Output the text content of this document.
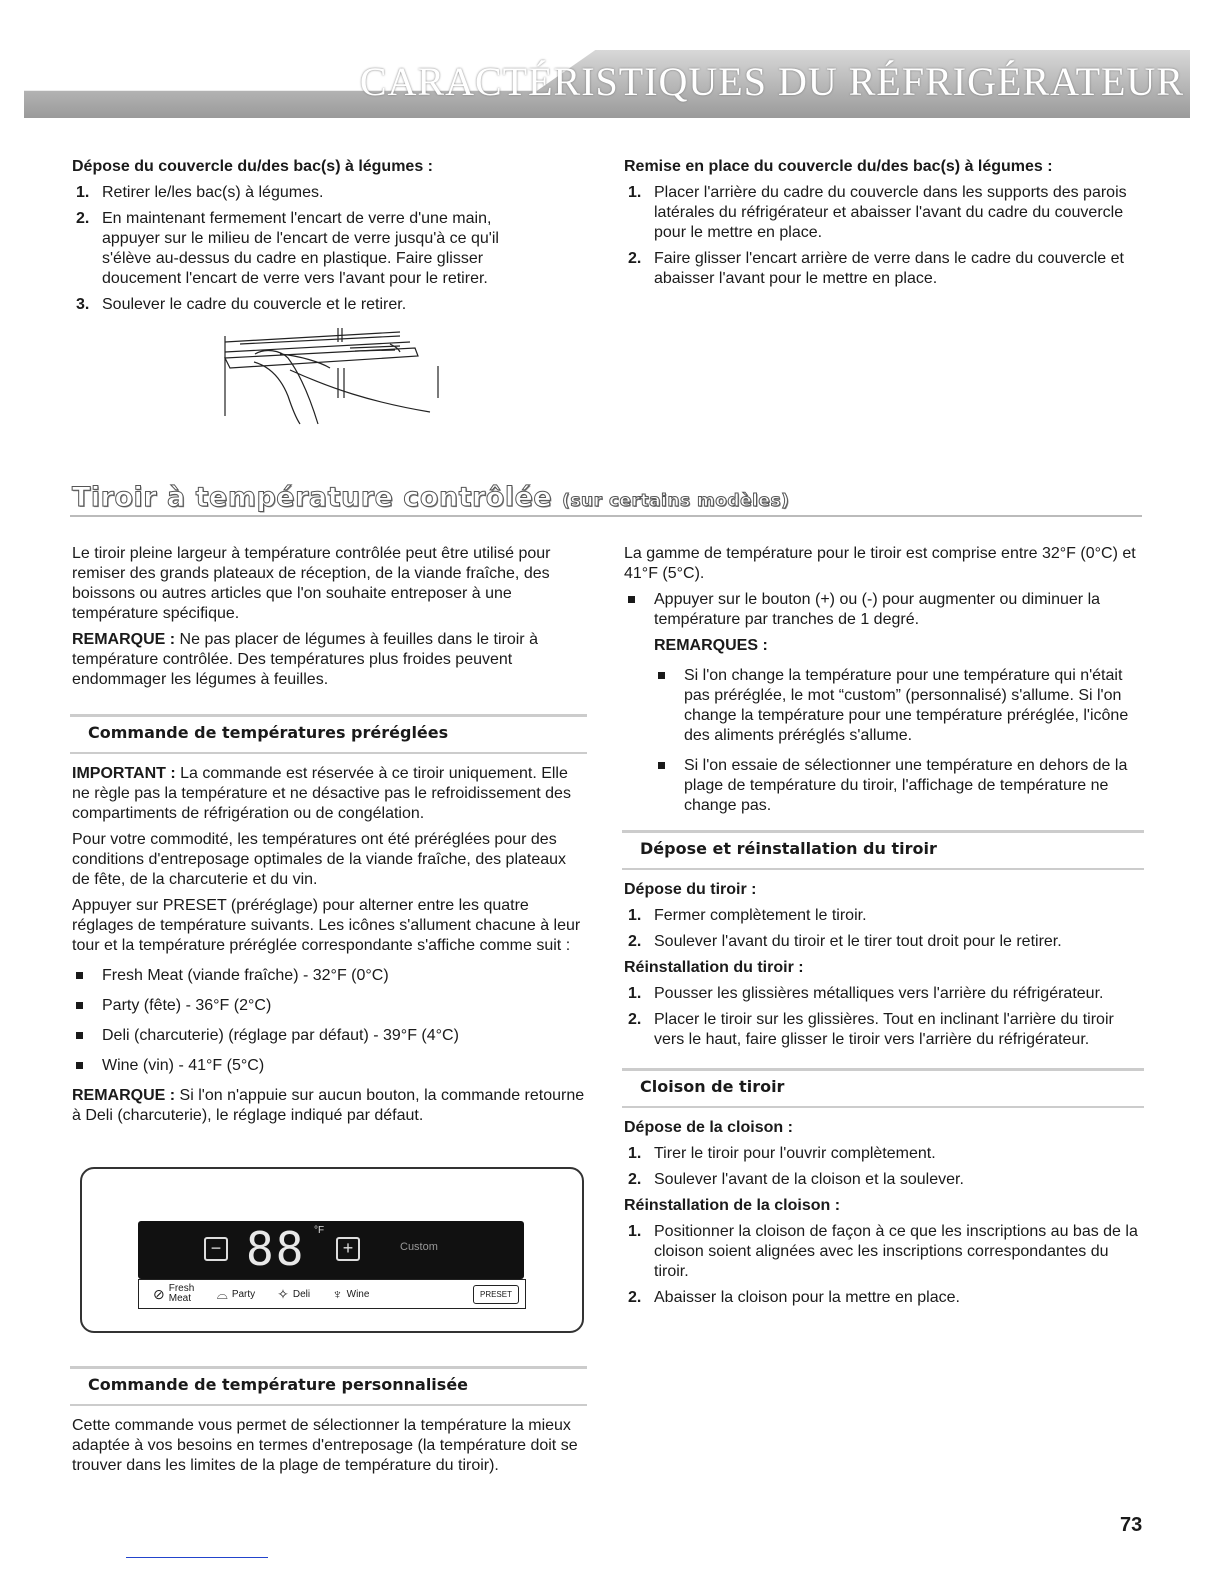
CARACTÉRISTIQUES DU RÉFRIGÉRATEUR
Dépose du couvercle du/des bac(s) à légumes :
1. Retirer le/les bac(s) à légumes.
2. En maintenant fermement l'encart de verre d'une main, appuyer sur le milieu de l'encart de verre jusqu'à ce qu'il s'élève au-dessus du cadre en plastique. Faire glisser doucement l'encart de verre vers l'avant pour le retirer.
3. Soulever le cadre du couvercle et le retirer.
Remise en place du couvercle du/des bac(s) à légumes :
1. Placer l'arrière du cadre du couvercle dans les supports des parois latérales du réfrigérateur et abaisser l'avant du cadre du couvercle pour le mettre en place.
2. Faire glisser l'encart arrière de verre dans le cadre du couvercle et abaisser l'avant pour le mettre en place.
Tiroir à température contrôlée (sur certains modèles)

Le tiroir pleine largeur à température contrôlée peut être utilisé pour remiser des grands plateaux de réception, de la viande fraîche, des boissons ou autres articles que l'on souhaite entreposer à une température spécifique.

REMARQUE : Ne pas placer de légumes à feuilles dans le tiroir à température contrôlée. Des températures plus froides peuvent endommager les légumes à feuilles.

Commande de températures préréglées

IMPORTANT : La commande est réservée à ce tiroir uniquement. Elle ne règle pas la température et ne désactive pas le refroidissement des compartiments de réfrigération ou de congélation.

Pour votre commodité, les températures ont été préréglées pour des conditions d'entreposage optimales de la viande fraîche, des plateaux de fête, de la charcuterie et du vin.

Appuyer sur PRESET (préréglage) pour alterner entre les quatre réglages de température suivants. Les icônes s'allument chacune à leur tour et la température préréglée correspondante s'affiche comme suit :

Fresh Meat (viande fraîche) - 32°F (0°C)
Party (fête) - 36°F (2°C)
Deli (charcuterie) (réglage par défaut) - 39°F (4°C)
Wine (vin) - 41°F (5°C)

REMARQUE : Si l'on n'appuie sur aucun bouton, la commande retourne à Deli (charcuterie), le réglage indiqué par défaut.

− 88 °F
+	Custom
⊘ Fresh Meat	⌓ Party ✧ Deli ♆ Wine	PRESET
Commande de température personnalisée

Cette commande vous permet de sélectionner la température la mieux adaptée à vos besoins en termes d'entreposage (la température doit se trouver dans les limites de la plage de température du tiroir).

La gamme de température pour le tiroir est comprise entre 32°F (0°C) et 41°F (5°C).

Appuyer sur le bouton (+) ou (-) pour augmenter ou diminuer la température par tranches de 1 degré.
REMARQUES :
Si l'on change la température pour une température qui n'était pas préréglée, le mot “custom” (personnalisé) s'allume. Si l'on change la température pour une température préréglée, l'icône des aliments préréglés s'allume.
Si l'on essaie de sélectionner une température en dehors de la plage de température du tiroir, l'affichage de température ne change pas.
Dépose et réinstallation du tiroir
Dépose du tiroir :
1. Fermer complètement le tiroir.
2. Soulever l'avant du tiroir et le tirer tout droit pour le retirer.
Réinstallation du tiroir :
1. Pousser les glissières métalliques vers l'arrière du réfrigérateur.
2. Placer le tiroir sur les glissières. Tout en inclinant l'arrière du tiroir vers le haut, faire glisser le tiroir vers l'arrière du réfrigérateur.
Cloison de tiroir
Dépose de la cloison :
1. Tirer le tiroir pour l'ouvrir complètement.
2. Soulever l'avant de la cloison et la soulever.
Réinstallation de la cloison :
1. Positionner la cloison de façon à ce que les inscriptions au bas de la cloison soient alignées avec les inscriptions correspondantes du tiroir.
2. Abaisser la cloison pour la mettre en place.
73
